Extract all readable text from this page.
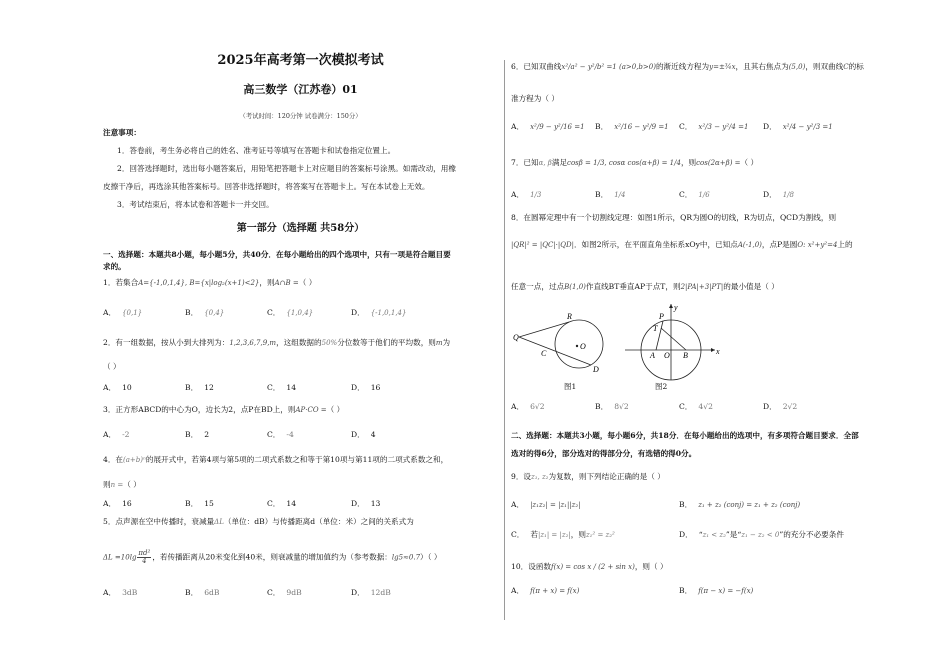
2025年高考第一次模拟考试
高三数学（江苏卷）01
（考试时间：120分钟 试卷满分：150分）
注意事项：
1．答卷前，考生务必将自己的姓名、准考证号等填写在答题卡和试卷指定位置上。
2．回答选择题时，选出每小题答案后，用铅笔把答题卡上对应题目的答案标号涂黑。如需改动，用橡
皮擦干净后，再选涂其他答案标号。回答非选择题时，将答案写在答题卡上。写在本试卷上无效。
3．考试结束后，将本试卷和答题卡一并交回。
第一部分（选择题 共58分）
一、选择题：本题共8小题，每小题5分，共40分．在每小题给出的四个选项中，只有一项是符合题目要
求的。
1．若集合A={-1,0,1,4}, B={x|log₂(x+1)<2}，则A∩B =（ ）
A． {0,1}	B． {0,4}	C． {1,0,4}	D． {-1,0,1,4}
2．有一组数据，按从小到大排列为：1,2,3,6,7,9,m，这组数据的50%分位数等于他们的平均数，则m为
（ ）
A． 10	B． 12	C． 14	D． 16
3．正方形ABCD的中心为O，边长为2，点P在BD上，则AP·CO =（ ）
A． -2	B． 2	C． -4	D． 4
4．在(a+b)ⁿ的展开式中，若第4项与第5项的二项式系数之和等于第10项与第11项的二项式系数之和，
则n =（ ）
A． 16	B． 15	C． 14	D． 13
5．点声源在空中传播时，衰减量ΔL（单位：dB）与传播距离d（单位：米）之间的关系式为
$\Delta L =10\lg \frac{\text{πd²}}{4}$ ，若传播距离从20米变化到40米，则衰减量的增加值约为（参考数据：lg5≈0.7）（ ）
A． 3dB	B． 6dB	C． 9dB	D． 12dB
6．已知双曲线x²/a² − y²/b² =1 (a>0,b>0)的渐近线方程为y=±¾x，且其右焦点为(5,0)，则双曲线C的标
准方程为（ ）
A． x²/9 − y²/16 =1 B． x²/16 − y²/9 =1 C． x²/3 − y²/4 =1 D． x²/4 − y²/3 =1
7．已知α, β满足cosβ = 1/3, cosα cos(α+β) = 1/4，则cos(2α+β) =（ ）
A． 1/3	B． 1/4	C． 1/6	D． 1/8
8．在圆幂定理中有一个切割线定理：如图1所示，QR为圆O的切线，R为切点，QCD为割线，则
|QR|² = |QC|·|QD|．如图2所示，在平面直角坐标系xOy中，已知点A(-1,0)，点P是圆O: x²+y²=4上的
任意一点，过点B(1,0)作直线BT垂直AP于点T，则2|PA|+3|PT|的最小值是（ ）
Q
R
O
C
D
图1
x
y
P
T
A O B
图2
A． 6√2	B． 8√2	C． 4√2	D． 2√2
二、选择题：本题共3小题，每小题6分，共18分．在每小题给出的选项中，有多项符合题目要求．全部
选对的得6分，部分选对的得部分分，有选错的得0分。
9．设z₁, z₂为复数，则下列结论正确的是（ ）
A． |z₁z₂| = |z₁||z₂|	B． z₁ + z₂ (conj) = z₁ + z₂ (conj)
C． 若|z₁| = |z₂|，则z₁² = z₂²	D． “z₁ < z₂”是“z₁ − z₂ < 0”的充分不必要条件
10．设函数f(x) = cos x / (2 + sin x)，则（ ）
A． f(π + x) = f(x)	B． f(π − x) = −f(x)
